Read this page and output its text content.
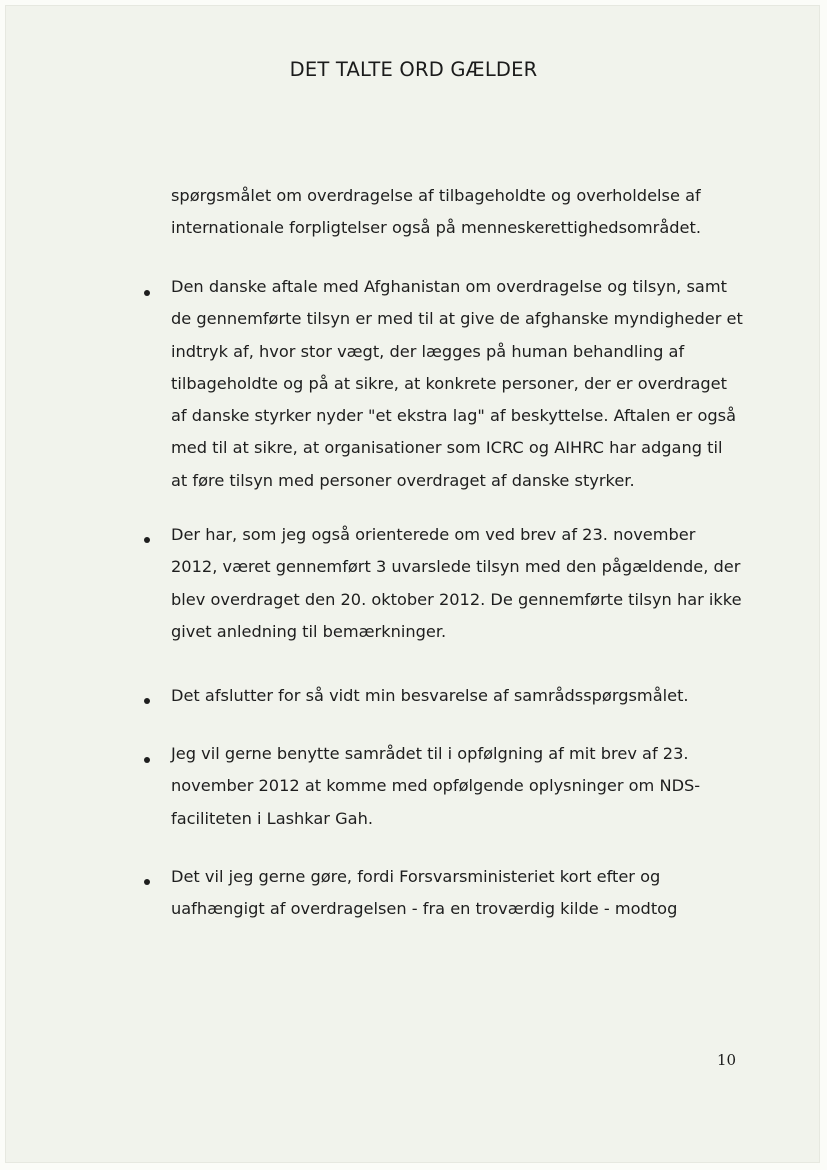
DET TALTE ORD GÆLDER
spørgsmålet om overdragelse af tilbageholdte og overholdelse af
internationale forpligtelser også på menneskerettighedsområdet.
Den danske aftale med Afghanistan om overdragelse og tilsyn, samt
de gennemførte tilsyn er med til at give de afghanske myndigheder et
indtryk af, hvor stor vægt, der lægges på human behandling af
tilbageholdte og på at sikre, at konkrete personer, der er overdraget
af danske styrker nyder "et ekstra lag" af beskyttelse. Aftalen er også
med til at sikre, at organisationer som ICRC og AIHRC har adgang til
at føre tilsyn med personer overdraget af danske styrker.
Der har, som jeg også orienterede om ved brev af 23. november
2012, været gennemført 3 uvarslede tilsyn med den pågældende, der
blev overdraget den 20. oktober 2012. De gennemførte tilsyn har ikke
givet anledning til bemærkninger.
Det afslutter for så vidt min besvarelse af samrådsspørgsmålet.
Jeg vil gerne benytte samrådet til i opfølgning af mit brev af 23.
november 2012 at komme med opfølgende oplysninger om NDS-
faciliteten i Lashkar Gah.
Det vil jeg gerne gøre, fordi Forsvarsministeriet kort efter og
uafhængigt af overdragelsen - fra en troværdig kilde - modtog
10
